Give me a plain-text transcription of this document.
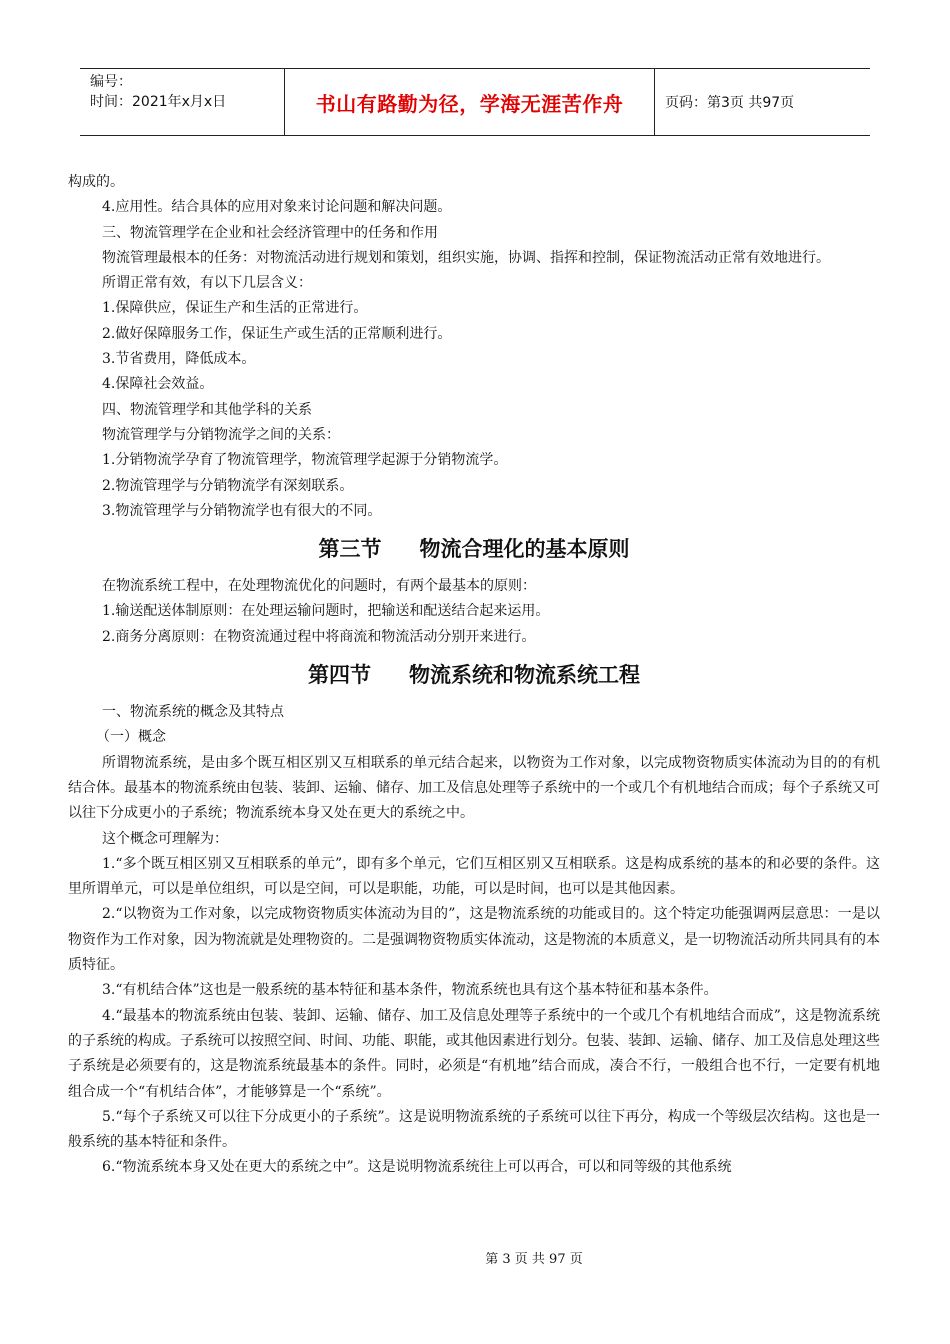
编号：
时间：2021年x月x日	书山有路勤为径，学海无涯苦作舟	页码：第3页 共97页

构成的。

4.应用性。结合具体的应用对象来讨论问题和解决问题。

三、物流管理学在企业和社会经济管理中的任务和作用

物流管理最根本的任务：对物流活动进行规划和策划，组织实施，协调、指挥和控制，保证物流活动正常有效地进行。

所谓正常有效，有以下几层含义：

1.保障供应，保证生产和生活的正常进行。

2.做好保障服务工作，保证生产或生活的正常顺利进行。

3.节省费用，降低成本。

4.保障社会效益。

四、物流管理学和其他学科的关系

物流管理学与分销物流学之间的关系：

1.分销物流学孕育了物流管理学，物流管理学起源于分销物流学。

2.物流管理学与分销物流学有深刻联系。

3.物流管理学与分销物流学也有很大的不同。

第三节 物流合理化的基本原则

在物流系统工程中，在处理物流优化的问题时，有两个最基本的原则：

1.输送配送体制原则：在处理运输问题时，把输送和配送结合起来运用。

2.商务分离原则：在物资流通过程中将商流和物流活动分别开来进行。

第四节 物流系统和物流系统工程

一、物流系统的概念及其特点

（一）概念

所谓物流系统，是由多个既互相区别又互相联系的单元结合起来，以物资为工作对象，以完成物资物质实体流动为目的的有机结合体。最基本的物流系统由包装、装卸、运输、储存、加工及信息处理等子系统中的一个或几个有机地结合而成；每个子系统又可以往下分成更小的子系统；物流系统本身又处在更大的系统之中。

这个概念可理解为：

1.“多个既互相区别又互相联系的单元”，即有多个单元，它们互相区别又互相联系。这是构成系统的基本的和必要的条件。这里所谓单元，可以是单位组织，可以是空间，可以是职能，功能，可以是时间，也可以是其他因素。

2.“以物资为工作对象，以完成物资物质实体流动为目的”，这是物流系统的功能或目的。这个特定功能强调两层意思：一是以物资作为工作对象，因为物流就是处理物资的。二是强调物资物质实体流动，这是物流的本质意义，是一切物流活动所共同具有的本质特征。

3.“有机结合体”这也是一般系统的基本特征和基本条件，物流系统也具有这个基本特征和基本条件。

4.“最基本的物流系统由包装、装卸、运输、储存、加工及信息处理等子系统中的一个或几个有机地结合而成”，这是物流系统的子系统的构成。子系统可以按照空间、时间、功能、职能，或其他因素进行划分。包装、装卸、运输、储存、加工及信息处理这些子系统是必须要有的，这是物流系统最基本的条件。同时，必须是“有机地”结合而成，凑合不行，一般组合也不行，一定要有机地组合成一个“有机结合体”，才能够算是一个“系统”。

5.“每个子系统又可以往下分成更小的子系统”。这是说明物流系统的子系统可以往下再分，构成一个等级层次结构。这也是一般系统的基本特征和条件。

6.“物流系统本身又处在更大的系统之中”。这是说明物流系统往上可以再合，可以和同等级的其他系统

第 3 页 共 97 页
